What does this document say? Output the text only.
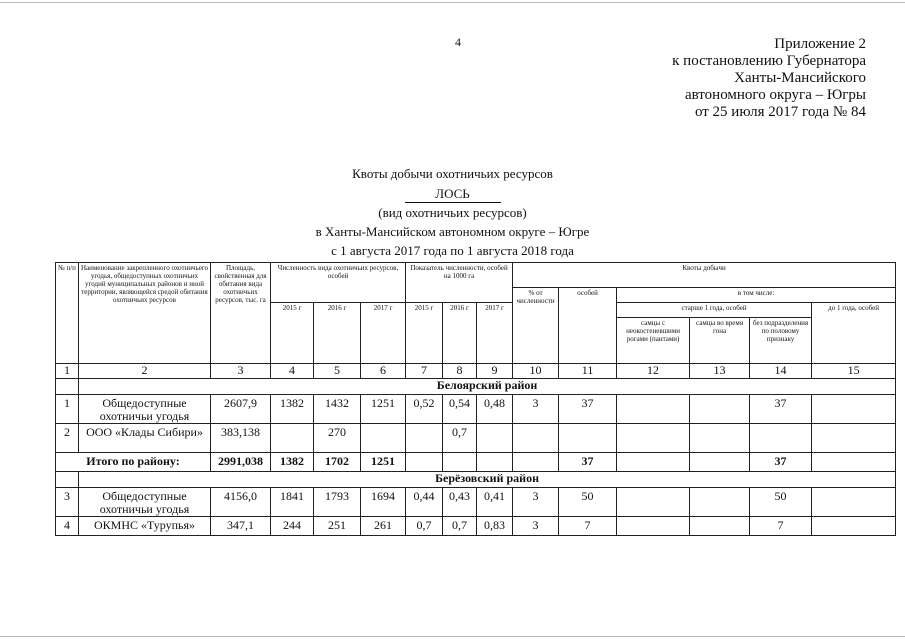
4	Приложение 2
к постановлению Губернатора
Ханты-Мансийского
автономного округа – Югры
от 25 июля 2017 года № 84
Квоты добычи охотничьих ресурсов
ЛОСЬ
(вид охотничьих ресурсов)
в Ханты-Мансийском автономном округе – Югре
с 1 августа 2017 года по 1 августа 2018 года
№ п/п	Наименование закрепленного охотничьего угодья, общедоступных охотничьих угодий муниципальных районов и иной территории, являющейся средой обитания охотничьих ресурсов	Площадь, свойственная для обитания вида охотничьих ресурсов, тыс. га	Численность вида охотничьих ресурсов, особей			Показатель численности, особей на 1000 га			Квоты добычи					
									% от численности	особей	в том числе:			
			2015 г	2016 г	2017 г	2015 г	2016 г	2017 г			старше 1 года, особей			до 1 года, особей
											самцы с неокостеневшими рогами (пантами)	самцы во время гона	без подразделения по половому признаку	
1	2	3	4	5	6	7	8	9	10	11	12	13	14	15
	Белоярский район													
1	Общедоступные охотничьи угодья	2607,9	1382	1432	1251	0,52	0,54	0,48	3	37			37	
2	ООО «Клады Сибири»	383,138		270			0,7							
Итого по району:		2991,038	1382	1702	1251					37			37	
	Берёзовский район													
3	Общедоступные охотничьи угодья	4156,0	1841	1793	1694	0,44	0,43	0,41	3	50			50	
4	ОКМНС «Турупья»	347,1	244	251	261	0,7	0,7	0,83	3	7			7	
